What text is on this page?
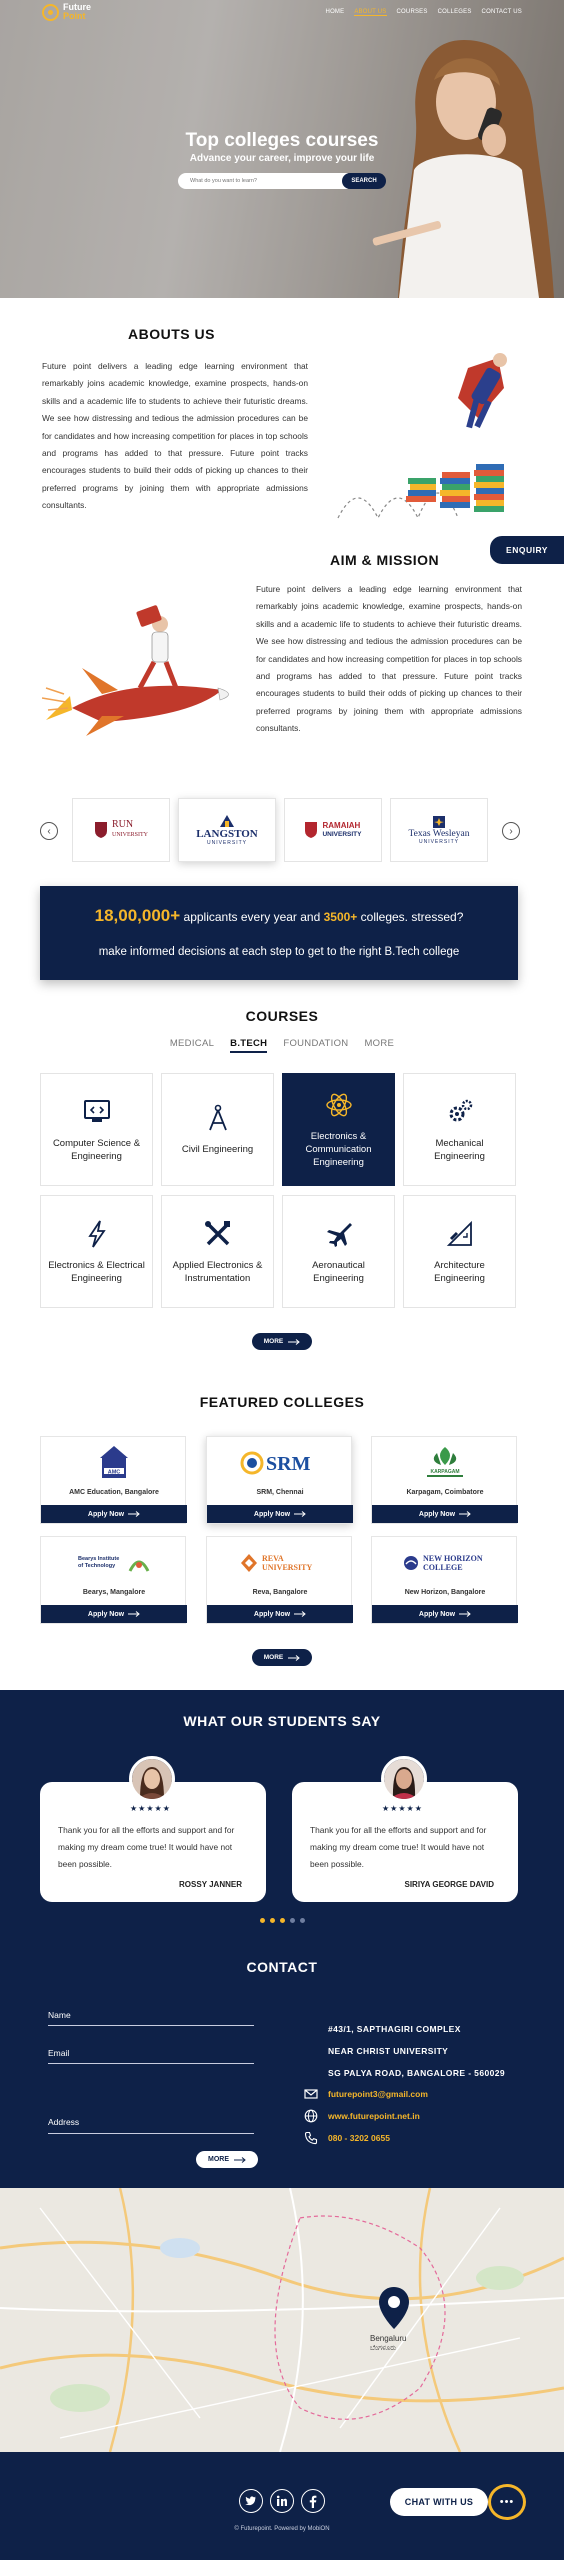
Future
Point	HOME ABOUT US COURSES COLLEGES CONTACT US
Top colleges courses
Advance your career, improve your life
What do you want to learn?
SEARCH
ABOUTS US
Future point delivers a leading edge learning environment that remarkably joins academic knowledge, examine prospects, hands-on skills and a academic life to students to achieve their futuristic dreams. We see how distressing and tedious the admission procedures can be for candidates and how increasing competition for places in top schools and programs has added to that pressure. Future point tracks encourages students to build their odds of picking up chances to their preferred programs by joining them with appropriate admissions consultants.
AIM & MISSION
ENQUIRY
Future point delivers a leading edge learning environment that remarkably joins academic knowledge, examine prospects, hands-on skills and a academic life to students to achieve their futuristic dreams. We see how distressing and tedious the admission procedures can be for candidates and how increasing competition for places in top schools and programs has added to that pressure. Future point tracks encourages students to build their odds of picking up chances to their preferred programs by joining them with appropriate admissions consultants.
‹	›
RUN
UNIVERSITY	LANGSTON
UNIVERSITY
RAMAIAH
UNIVERSITY	Texas Wesleyan
UNIVERSITY
18,00,000+ applicants every year and 3500+ colleges. stressed?
make informed decisions at each step to get to the right B.Tech college
COURSES
MEDICAL B.TECH FOUNDATION MORE
Computer Science & Engineering
Civil Engineering
Electronics & Communication Engineering
Mechanical Engineering
Electronics & Electrical Engineering
Applied Electronics & Instrumentation
Aeronautical Engineering
Architecture Engineering
MORE
FEATURED COLLEGES
AMC
AMC Education, Bangalore
Apply Now
SRM
SRM, Chennai
Apply Now
KARPAGAM
Karpagam, Coimbatore
Apply Now
Bearys Institute of Technology
Bearys, Mangalore
Apply Now
REVA UNIVERSITY
Reva, Bangalore
Apply Now
NEW HORIZON COLLEGE
New Horizon, Bangalore
Apply Now
MORE
WHAT OUR STUDENTS SAY
★★★★★
Thank you for all the efforts and support and for making my dream come true! It would have not been possible.
ROSSY JANNER
★★★★★
Thank you for all the efforts and support and for making my dream come true! It would have not been possible.
SIRIYA GEORGE DAVID
CONTACT
Name
Email
Address
MORE
#43/1, SAPTHAGIRI COMPLEX
NEAR CHRIST UNIVERSITY
SG PALYA ROAD, BANGALORE - 560029
futurepoint3@gmail.com
www.futurepoint.net.in
080 - 3202 0655
Bengaluru
ಬೆಂಗಳೂರು
© Futurepoint. Powered by MobiON
CHAT WITH US	•••
